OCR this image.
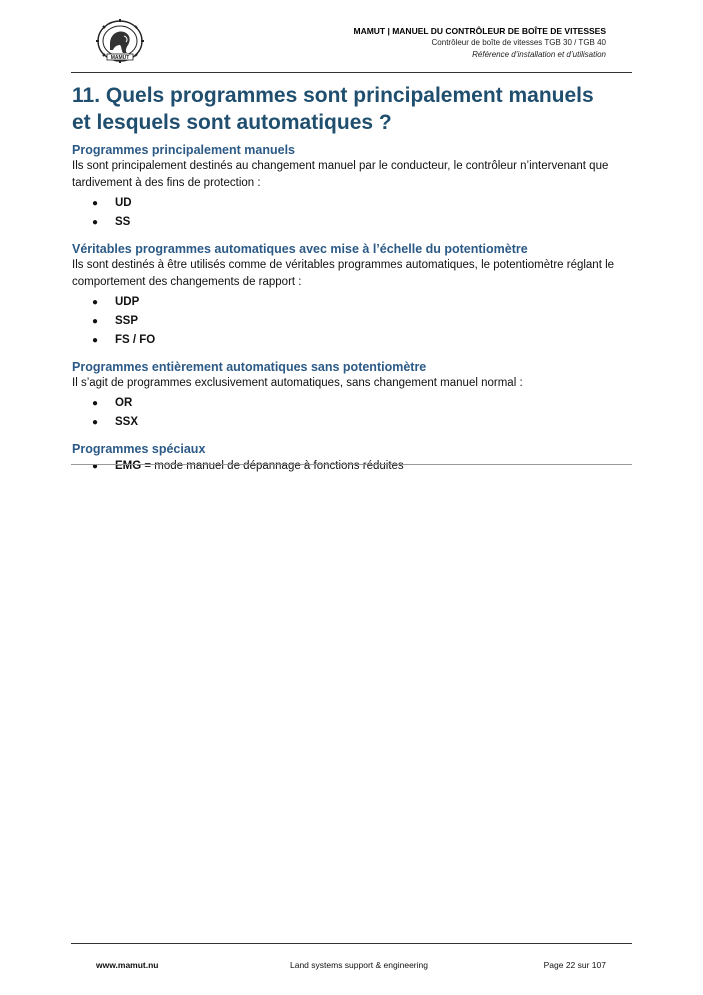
MAMUT
MAMUT | MANUEL DU CONTRÔLEUR DE BOÎTE DE VITESSES
Contrôleur de boîte de vitesses TGB 30 / TGB 40
Référence d’installation et d’utilisation
11. Quels programmes sont principalement manuels
et lesquels sont automatiques ?
Programmes principalement manuels

Ils sont principalement destinés au changement manuel par le conducteur, le contrôleur n’intervenant que tardivement à des fins de protection :

● UD
● SS
Véritables programmes automatiques avec mise à l’échelle du potentiomètre

Ils sont destinés à être utilisés comme de véritables programmes automatiques, le potentiomètre réglant le comportement des changements de rapport :

● UDP
● SSP
● FS / FO
Programmes entièrement automatiques sans potentiomètre

Il s’agit de programmes exclusivement automatiques, sans changement manuel normal :

● OR
● SSX
Programmes spéciaux
● EMG = mode manuel de dépannage à fonctions réduites
www.mamut.nu	Land systems support & engineering	Page 22 sur 107
